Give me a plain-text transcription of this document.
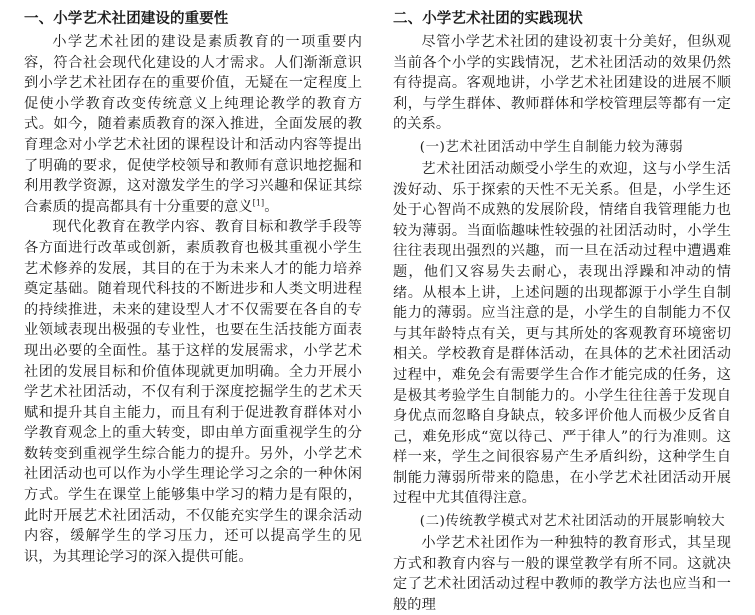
一、小学艺术社团建设的重要性

小学艺术社团的建设是素质教育的一项重要内容，符合社会现代化建设的人才需求。人们渐渐意识到小学艺术社团存在的重要价值，无疑在一定程度上促使小学教育改变传统意义上纯理论教学的教育方式。如今，随着素质教育的深入推进，全面发展的教育理念对小学艺术社团的课程设计和活动内容等提出了明确的要求，促使学校领导和教师有意识地挖掘和利用教学资源，这对激发学生的学习兴趣和保证其综合素质的提高都具有十分重要的意义[1]。

现代化教育在教学内容、教育目标和教学手段等各方面进行改革或创新，素质教育也极其重视小学生艺术修养的发展，其目的在于为未来人才的能力培养奠定基础。随着现代科技的不断进步和人类文明进程的持续推进，未来的建设型人才不仅需要在各自的专业领域表现出极强的专业性，也要在生活技能方面表现出必要的全面性。基于这样的发展需求，小学艺术社团的发展目标和价值体现就更加明确。全力开展小学艺术社团活动，不仅有利于深度挖掘学生的艺术天赋和提升其自主能力，而且有利于促进教育群体对小学教育观念上的重大转变，即由单方面重视学生的分数转变到重视学生综合能力的提升。另外，小学艺术社团活动也可以作为小学生理论学习之余的一种休闲方式。学生在课堂上能够集中学习的精力是有限的，此时开展艺术社团活动，不仅能充实学生的课余活动内容，缓解学生的学习压力，还可以提高学生的见识，为其理论学习的深入提供可能。

二、小学艺术社团的实践现状

尽管小学艺术社团的建设初衷十分美好，但纵观当前各个小学的实践情况，艺术社团活动的效果仍然有待提高。客观地讲，小学艺术社团建设的进展不顺利，与学生群体、教师群体和学校管理层等都有一定的关系。

(一)艺术社团活动中学生自制能力较为薄弱

艺术社团活动颇受小学生的欢迎，这与小学生活泼好动、乐于探索的天性不无关系。但是，小学生还处于心智尚不成熟的发展阶段，情绪自我管理能力也较为薄弱。当面临趣味性较强的社团活动时，小学生往往表现出强烈的兴趣，而一旦在活动过程中遭遇难题，他们又容易失去耐心，表现出浮躁和冲动的情绪。从根本上讲，上述问题的出现都源于小学生自制能力的薄弱。应当注意的是，小学生的自制能力不仅与其年龄特点有关，更与其所处的客观教育环境密切相关。学校教育是群体活动，在具体的艺术社团活动过程中，难免会有需要学生合作才能完成的任务，这是极其考验学生自制能力的。小学生往往善于发现自身优点而忽略自身缺点，较多评价他人而极少反省自己，难免形成“宽以待己、严于律人”的行为准则。这样一来，学生之间很容易产生矛盾纠纷，这种学生自制能力薄弱所带来的隐患，在小学艺术社团活动开展过程中尤其值得注意。

(二)传统教学模式对艺术社团活动的开展影响较大

小学艺术社团作为一种独特的教育形式，其呈现方式和教育内容与一般的课堂教学有所不同。这就决定了艺术社团活动过程中教师的教学方法也应当和一般的理
